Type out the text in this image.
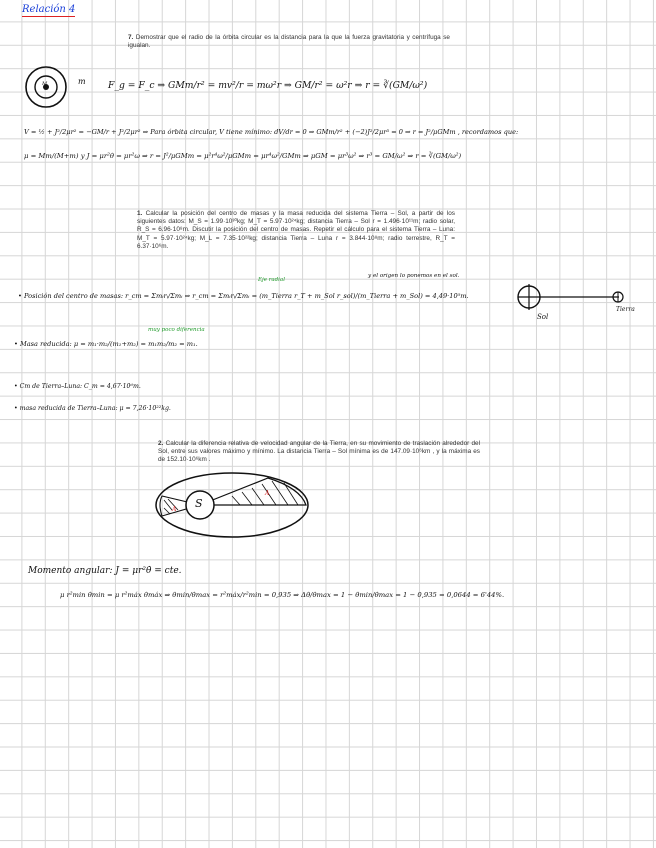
Relación 4
7. Demostrar que el radio de la órbita circular es la distancia para la que la fuerza gravitatoria y centrífuga se igualan.
m
M	F_g = F_c ⇒ GMm/r² = mv²/r = mω²r ⇒ GM/r² = ω²r ⇒ r = ∛(GM/ω²)
V = ½ + J²/2μr² = −GM/r + J²/2μr² ⇒ Para órbita circular, V tiene mínimo: dV/dr = 0 ⇒ GMm/r² + (−2)J²/2μr³ = 0 ⇒ r = J²/μGMm , recordamos que:
μ = Mm/(M+m) y J = μr²θ̇ = μr²ω ⇒ r = J²/μGMm = μ²r⁴ω²/μGMm = μr⁴ω²/GMm ⇒ μGM = μr³ω² ⇒ r³ = GM/ω² ⇒ r = ∛(GM/ω²)
1. Calcular la posición del centro de masas y la masa reducida del sistema Tierra – Sol, a partir de los siguientes datos: M_S = 1.99·10³⁰kg; M_T = 5.97·10²⁴kg; distancia Tierra – Sol r = 1.496·10¹¹m; radio solar, R_S = 6.96·10⁸m. Discutir la posición del centro de masas. Repetir el cálculo para el sistema Tierra – Luna: M_T = 5.97·10²⁴kg; M_L = 7.35·10²²kg; distancia Tierra – Luna r = 3.844·10⁸m; radio terrestre, R_T = 6.37·10⁶m.
Eje radial
y el origen lo ponemos en el sol.
• Posición del centro de masas: r_cm = Σmᵢrᵢ/Σmᵢ ⇒ r_cm = Σmᵢrᵢ/Σmᵢ = (m_Tierra r_T + m_Sol r_sol)/(m_Tierra + m_Sol) = 4,49·10⁵m.
Sol
Tierra
muy poco diferencia
• Masa reducida: μ = m₁·m₂/(m₁+m₂) = m₁m₂/m₂ = m₁.
• Cm de Tierra–Luna: C_m = 4,67·10⁶m.
• masa reducida de Tierra–Luna: μ = 7,26·10²²kg.
2. Calcular la diferencia relativa de velocidad angular de la Tierra, en su movimiento de traslación alrededor del Sol, entre sus valores máximo y mínimo. La distancia Tierra – Sol mínima es de 147.09·10⁶km , y la máxima es de 152.10·10⁶km .
S
A
A
Momento angular: J = μr²θ̇ = cte.
μ r²min θ̇min = μ r²máx θ̇máx ⇒ θ̇min/θ̇max = r²máx/r²min = 0,935 ⇒ Δθ̇/θ̇max = 1 − θ̇min/θ̇max = 1 − 0,935 = 0,0644 = 6'44%.
